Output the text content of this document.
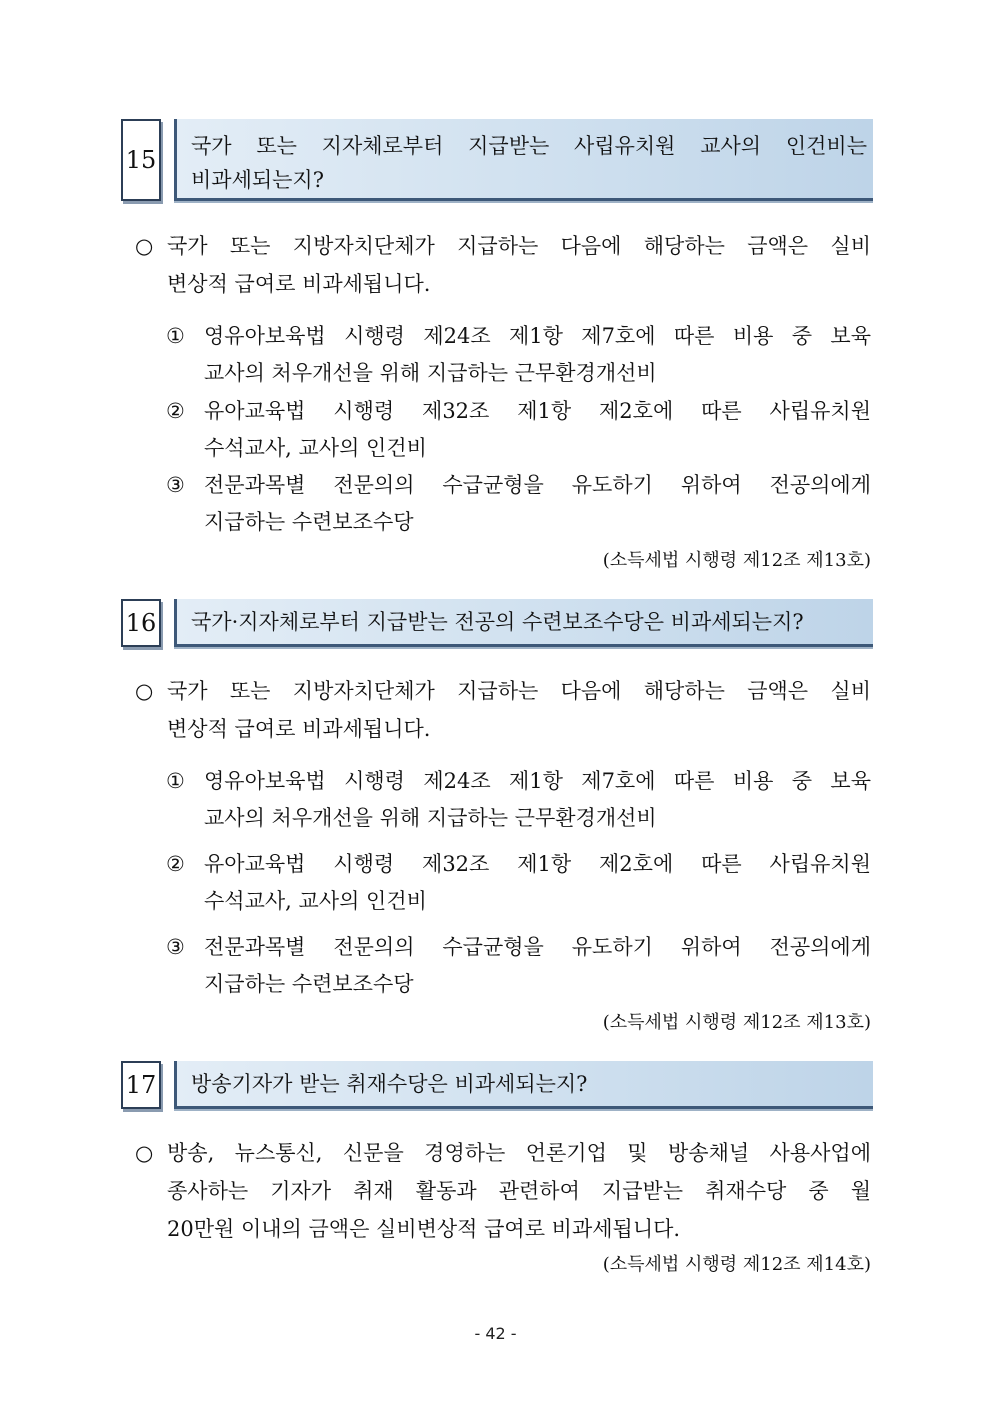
15 국가 또는 지자체로부터 지급받는 사립유치원 교사의 인건비는
비과세되는지?
○ 국가 또는 지방자치단체가 지급하는 다음에 해당하는 금액은 실비
변상적 급여로 비과세됩니다.
① 영유아보육법 시행령 제24조 제1항 제7호에 따른 비용 중 보육
교사의 처우개선을 위해 지급하는 근무환경개선비
② 유아교육법 시행령 제32조 제1항 제2호에 따른 사립유치원
수석교사, 교사의 인건비
③ 전문과목별 전문의의 수급균형을 유도하기 위하여 전공의에게
지급하는 수련보조수당
(소득세법 시행령 제12조 제13호)
16 국가·지자체로부터 지급받는 전공의 수련보조수당은 비과세되는지?
○ 국가 또는 지방자치단체가 지급하는 다음에 해당하는 금액은 실비
변상적 급여로 비과세됩니다.
① 영유아보육법 시행령 제24조 제1항 제7호에 따른 비용 중 보육
교사의 처우개선을 위해 지급하는 근무환경개선비
② 유아교육법 시행령 제32조 제1항 제2호에 따른 사립유치원
수석교사, 교사의 인건비
③ 전문과목별 전문의의 수급균형을 유도하기 위하여 전공의에게
지급하는 수련보조수당
(소득세법 시행령 제12조 제13호)
17 방송기자가 받는 취재수당은 비과세되는지?
○ 방송, 뉴스통신, 신문을 경영하는 언론기업 및 방송채널 사용사업에
종사하는 기자가 취재 활동과 관련하여 지급받는 취재수당 중 월
20만원 이내의 금액은 실비변상적 급여로 비과세됩니다.
(소득세법 시행령 제12조 제14호)
- 42 -
